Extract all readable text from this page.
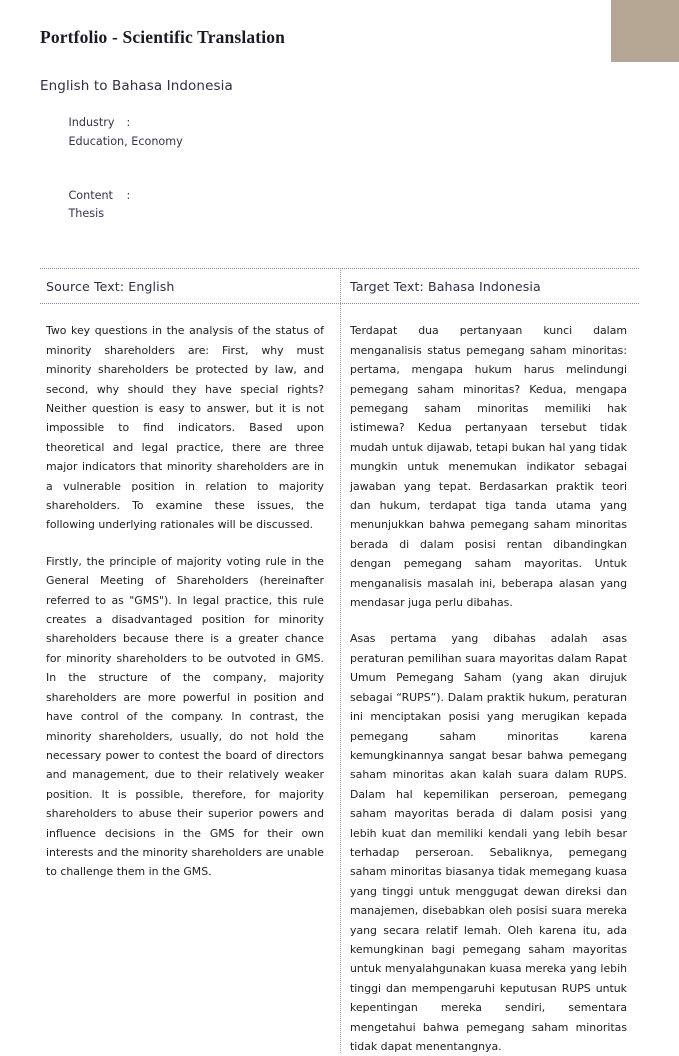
Portfolio - Scientific Translation
English to Bahasa Indonesia

Industry :
Education, Economy

Content :
Thesis

Source Text: English	Target Text: Bahasa Indonesia

Two key questions in the analysis of the status of minority shareholders are: First, why must minority shareholders be protected by law, and second, why should they have special rights? Neither question is easy to answer, but it is not impossible to find indicators. Based upon theoretical and legal practice, there are three major indicators that minority shareholders are in a vulnerable position in relation to majority shareholders. To examine these issues, the following underlying rationales will be discussed.

Firstly, the principle of majority voting rule in the General Meeting of Shareholders (hereinafter referred to as "GMS"). In legal practice, this rule creates a disadvantaged position for minority shareholders because there is a greater chance for minority shareholders to be outvoted in GMS. In the structure of the company, majority shareholders are more powerful in position and have control of the company. In contrast, the minority shareholders, usually, do not hold the necessary power to contest the board of directors and management, due to their relatively weaker position. It is possible, therefore, for majority shareholders to abuse their superior powers and influence decisions in the GMS for their own interests and the minority shareholders are unable to challenge them in the GMS.

Terdapat dua pertanyaan kunci dalam menganalisis status pemegang saham minoritas: pertama, mengapa hukum harus melindungi pemegang saham minoritas? Kedua, mengapa pemegang saham minoritas memiliki hak istimewa? Kedua pertanyaan tersebut tidak mudah untuk dijawab, tetapi bukan hal yang tidak mungkin untuk menemukan indikator sebagai jawaban yang tepat. Berdasarkan praktik teori dan hukum, terdapat tiga tanda utama yang menunjukkan bahwa pemegang saham minoritas berada di dalam posisi rentan dibandingkan dengan pemegang saham mayoritas. Untuk menganalisis masalah ini, beberapa alasan yang mendasar juga perlu dibahas.

Asas pertama yang dibahas adalah asas peraturan pemilihan suara mayoritas dalam Rapat Umum Pemegang Saham (yang akan dirujuk sebagai “RUPS”). Dalam praktik hukum, peraturan ini menciptakan posisi yang merugikan kepada pemegang saham minoritas karena kemungkinannya sangat besar bahwa pemegang saham minoritas akan kalah suara dalam RUPS. Dalam hal kepemilikan perseroan, pemegang saham mayoritas berada di dalam posisi yang lebih kuat dan memiliki kendali yang lebih besar terhadap perseroan. Sebaliknya, pemegang saham minoritas biasanya tidak memegang kuasa yang tinggi untuk menggugat dewan direksi dan manajemen, disebabkan oleh posisi suara mereka yang secara relatif lemah. Oleh karena itu, ada kemungkinan bagi pemegang saham mayoritas untuk menyalahgunakan kuasa mereka yang lebih tinggi dan mempengaruhi keputusan RUPS untuk kepentingan mereka sendiri, sementara mengetahui bahwa pemegang saham minoritas tidak dapat menentangnya.
